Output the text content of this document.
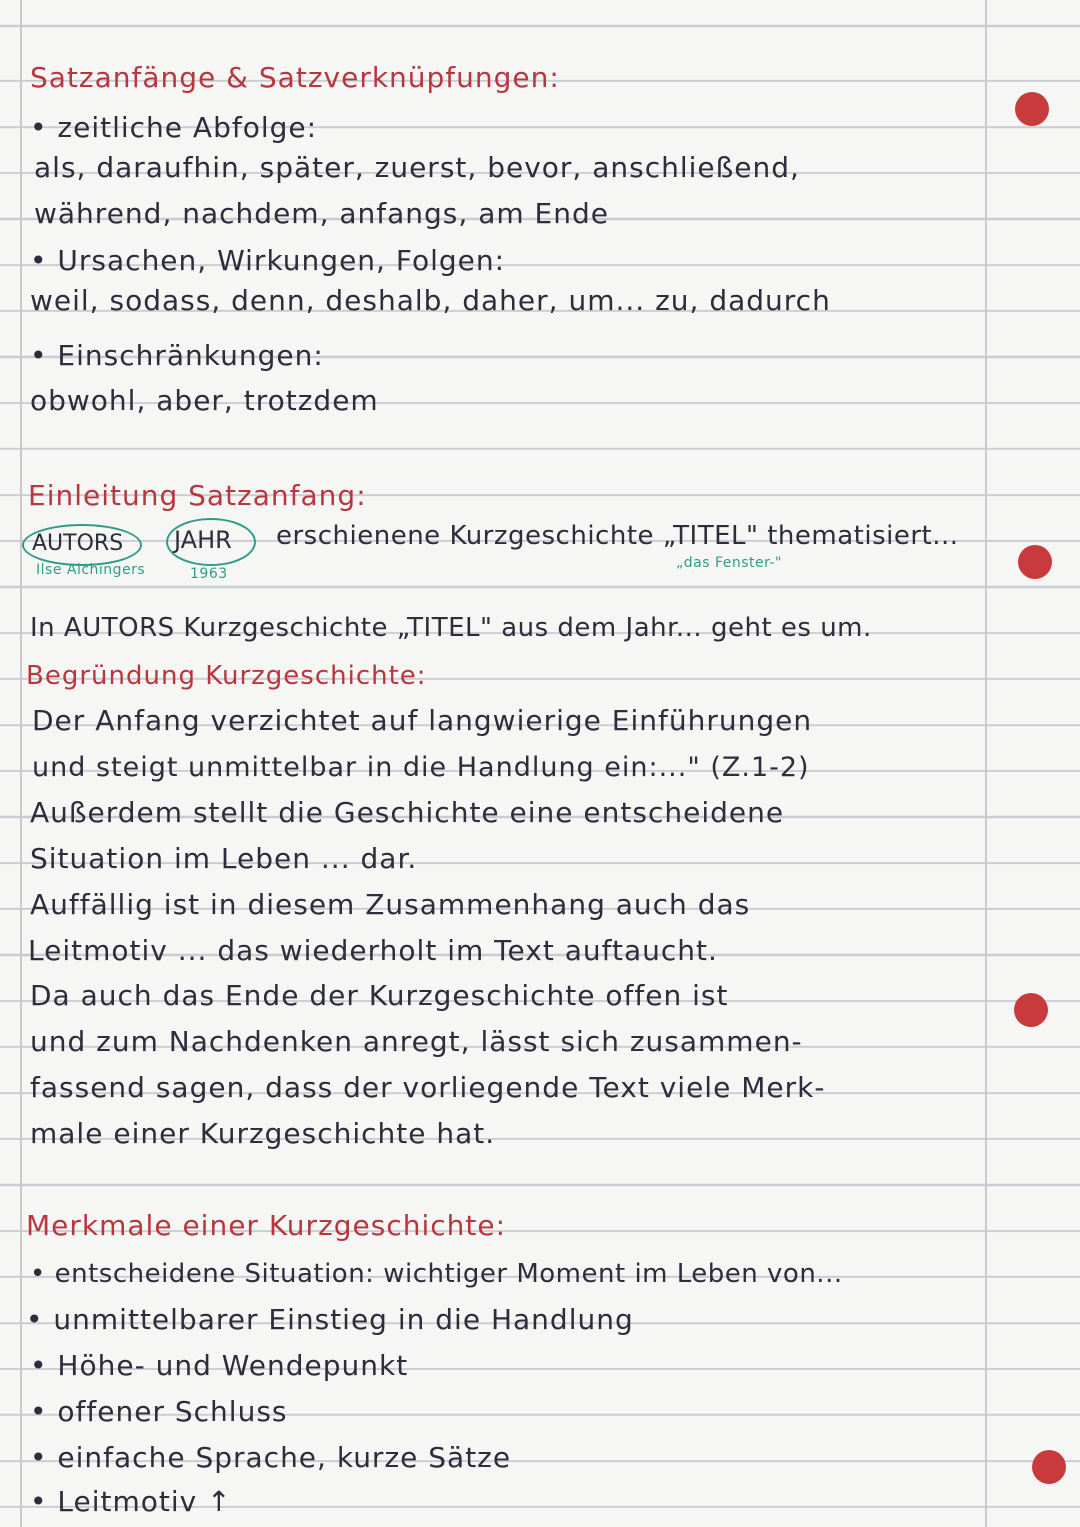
Satzanfänge & Satzverknüpfungen:
• zeitliche Abfolge:
als, daraufhin, später, zuerst, bevor, anschließend,
während, nachdem, anfangs, am Ende
• Ursachen, Wirkungen, Folgen:
weil, sodass, denn, deshalb, daher, um... zu, dadurch
• Einschränkungen:
obwohl, aber, trotzdem
Einleitung Satzanfang:
AUTORS JAHR erschienene Kurzgeschichte „TITEL" thematisiert...
Ilse Aichingers	1963
„das Fenster-"
In AUTORS Kurzgeschichte „TITEL" aus dem Jahr... geht es um.
Begründung Kurzgeschichte:
Der Anfang verzichtet auf langwierige Einführungen
und steigt unmittelbar in die Handlung ein:..." (Z.1-2)
Außerdem stellt die Geschichte eine entscheidene
Situation im Leben ... dar.
Auffällig ist in diesem Zusammenhang auch das
Leitmotiv ... das wiederholt im Text auftaucht.
Da auch das Ende der Kurzgeschichte offen ist
und zum Nachdenken anregt, lässt sich zusammen-
fassend sagen, dass der vorliegende Text viele Merk-
male einer Kurzgeschichte hat.
Merkmale einer Kurzgeschichte:
• entscheidene Situation: wichtiger Moment im Leben von...
• unmittelbarer Einstieg in die Handlung
• Höhe- und Wendepunkt
• offener Schluss
• einfache Sprache, kurze Sätze
• Leitmotiv ↑
